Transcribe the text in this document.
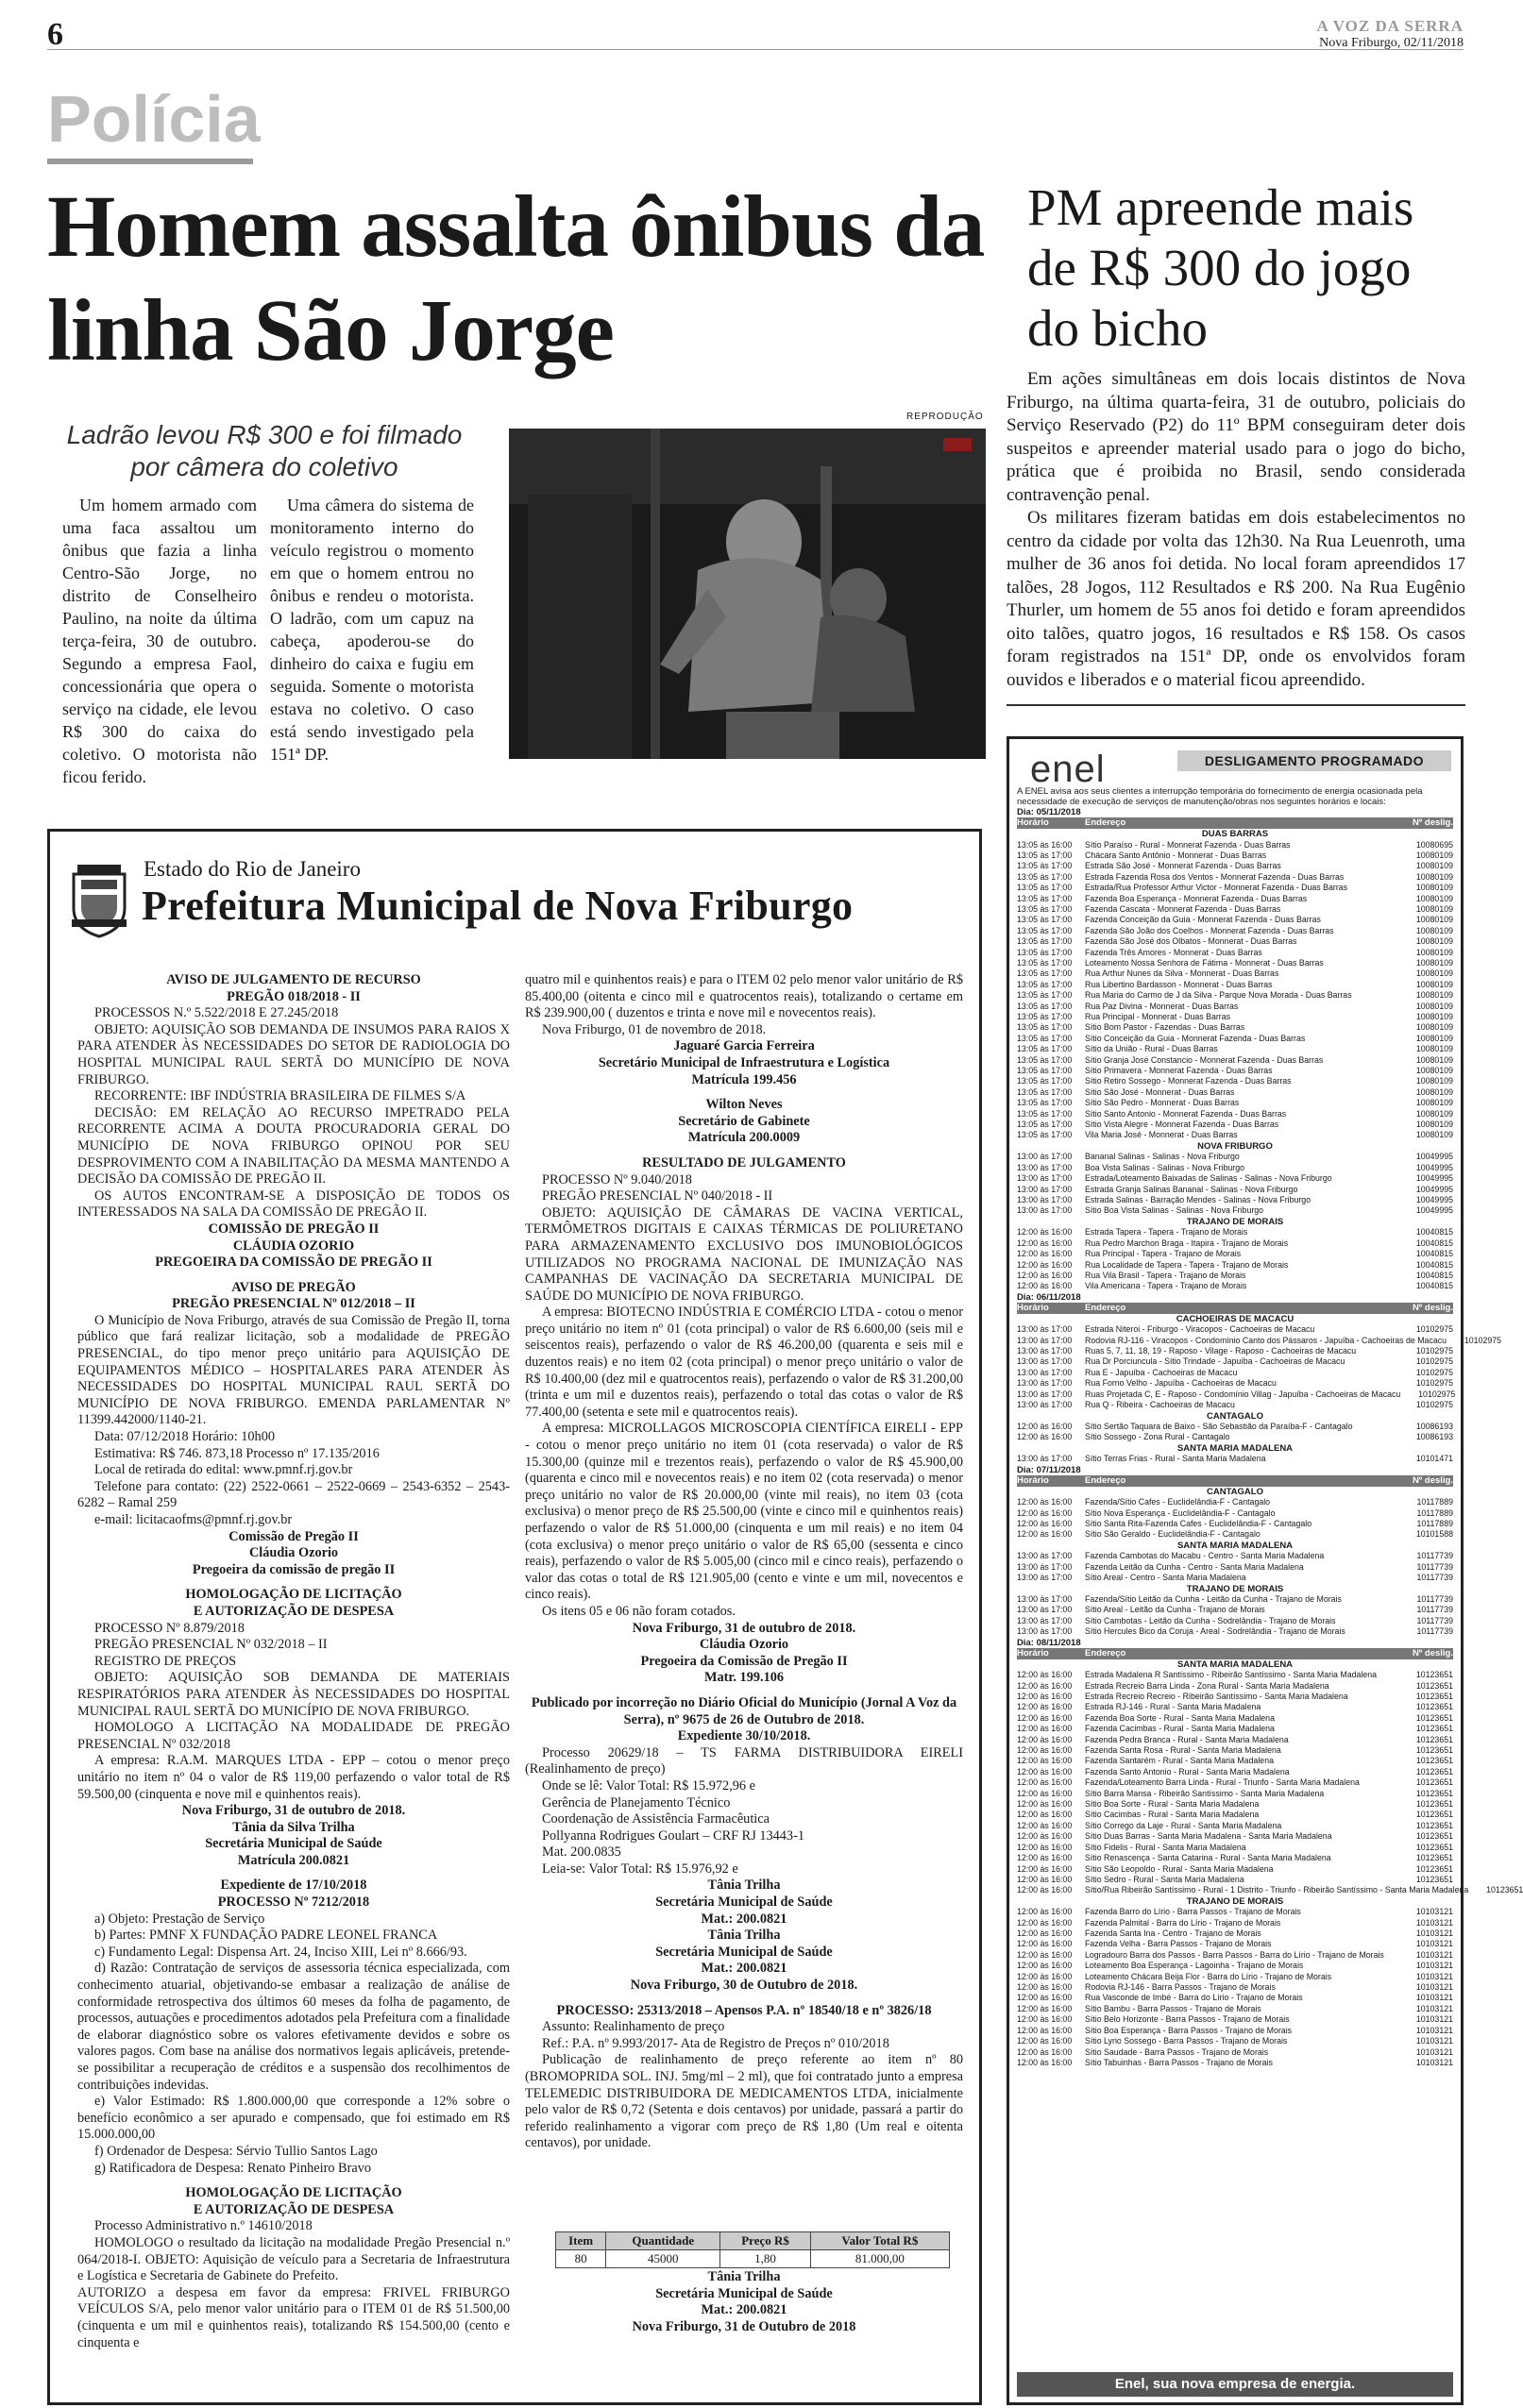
6	A VOZ DA SERRA
Nova Friburgo, 02/11/2018
Polícia
Homem assalta ônibus da linha São Jorge
Ladrão levou R$ 300 e foi filmado por câmera do coletivo
Um homem armado com uma faca assaltou um ônibus que fazia a linha Centro-São Jorge, no distrito de Conselheiro Paulino, na noite da última terça-feira, 30 de outubro. Segundo a empresa Faol, concessionária que opera o serviço na cidade, ele levou R$ 300 do caixa do coletivo. O motorista não ficou ferido.
Uma câmera do sistema de monitoramento interno do veículo registrou o momento em que o homem entrou no ônibus e rendeu o motorista. O ladrão, com um capuz na cabeça, apoderou-se do dinheiro do caixa e fugiu em seguida. Somente o motorista estava no coletivo. O caso está sendo investigado pela 151ª DP.
REPRODUÇÃO
PM apreende mais de R$ 300 do jogo do bicho

Em ações simultâneas em dois locais distintos de Nova Friburgo, na última quarta-feira, 31 de outubro, policiais do Serviço Reservado (P2) do 11º BPM conseguiram deter dois suspeitos e apreender material usado para o jogo do bicho, prática que é proibida no Brasil, sendo considerada contravenção penal.

Os militares fizeram batidas em dois estabelecimentos no centro da cidade por volta das 12h30. Na Rua Leuenroth, uma mulher de 36 anos foi detida. No local foram apreendidos 17 talões, 28 Jogos, 112 Resultados e R$ 200. Na Rua Eugênio Thurler, um homem de 55 anos foi detido e foram apreendidos oito talões, quatro jogos, 16 resultados e R$ 158. Os casos foram registrados na 151ª DP, onde os envolvidos foram ouvidos e liberados e o material ficou apreendido.

enel	DESLIGAMENTO PROGRAMADO
A ENEL avisa aos seus clientes a interrupção temporária do fornecimento de energia ocasionada pela necessidade de execução de serviços de manutenção/obras nos seguintes horários e locais:
Dia: 05/11/2018
Horário	Endereço	Nº deslig.
DUAS BARRAS
13:05 às 16:00	Sítio Paraíso - Rural - Monnerat Fazenda - Duas Barras	10080695
13:05 às 17:00	Chácara Santo Antônio - Monnerat - Duas Barras	10080109
13:05 às 17:00	Estrada São José - Monnerat Fazenda - Duas Barras	10080109
13:05 às 17:00	Estrada Fazenda Rosa dos Ventos - Monnerat Fazenda - Duas Barras	10080109
13:05 às 17:00	Estrada/Rua Professor Arthur Victor - Monnerat Fazenda - Duas Barras	10080109
13:05 às 17:00	Fazenda Boa Esperança - Monnerat Fazenda - Duas Barras	10080109
13:05 às 17:00	Fazenda Cascata - Monnerat Fazenda - Duas Barras	10080109
13:05 às 17:00	Fazenda Conceição da Guia - Monnerat Fazenda - Duas Barras	10080109
13:05 às 17:00	Fazenda São João dos Coelhos - Monnerat Fazenda - Duas Barras	10080109
13:05 às 17:00	Fazenda São José dos Olbatos - Monnerat - Duas Barras	10080109
13:05 às 17:00	Fazenda Três Amores - Monnerat - Duas Barras	10080109
13:05 às 17:00	Loteamento Nossa Senhora de Fátima - Monnerat - Duas Barras	10080109
13:05 às 17:00	Rua Arthur Nunes da Silva - Monnerat - Duas Barras	10080109
13:05 às 17:00	Rua Libertino Bardasson - Monnerat - Duas Barras	10080109
13:05 às 17:00	Rua Maria do Carmo de J da Silva - Parque Nova Morada - Duas Barras	10080109
13:05 às 17:00	Rua Paz Divina - Monnerat - Duas Barras	10080109
13:05 às 17:00	Rua Principal - Monnerat - Duas Barras	10080109
13:05 às 17:00	Sítio Bom Pastor - Fazendas - Duas Barras	10080109
13:05 às 17:00	Sítio Conceição da Guia - Monnerat Fazenda - Duas Barras	10080109
13:05 às 17:00	Sítio da União - Rural - Duas Barras	10080109
13:05 às 17:00	Sítio Granja José Constancio - Monnerat Fazenda - Duas Barras	10080109
13:05 às 17:00	Sítio Primavera - Monnerat Fazenda - Duas Barras	10080109
13:05 às 17:00	Sítio Retiro Sossego - Monnerat Fazenda - Duas Barras	10080109
13:05 às 17:00	Sítio São José - Monnerat - Duas Barras	10080109
13:05 às 17:00	Sítio São Pedro - Monnerat - Duas Barras	10080109
13:05 às 17:00	Sítio Santo Antonio - Monnerat Fazenda - Duas Barras	10080109
13:05 às 17:00	Sítio Vista Alegre - Monnerat Fazenda - Duas Barras	10080109
13:05 às 17:00	Vila Maria José - Monnerat - Duas Barras	10080109
NOVA FRIBURGO
13:00 às 17:00	Bananal Salinas - Salinas - Nova Friburgo	10049995
13:00 às 17:00	Boa Vista Salinas - Salinas - Nova Friburgo	10049995
13:00 às 17:00	Estrada/Loteamento Baixadas de Salinas - Salinas - Nova Friburgo	10049995
13:00 às 17:00	Estrada Granja Salinas Bananal - Salinas - Nova Friburgo	10049995
13:00 às 17:00	Estrada Salinas - Barração Mendes - Salinas - Nova Friburgo	10049995
13:00 às 17:00	Sítio Boa Vista Salinas - Salinas - Nova Friburgo	10049995
TRAJANO DE MORAIS
12:00 às 16:00	Estrada Tapera - Tapera - Trajano de Morais	10040815
12:00 às 16:00	Rua Pedro Marchon Braga - Itapira - Trajano de Morais	10040815
12:00 às 16:00	Rua Principal - Tapera - Trajano de Morais	10040815
12:00 às 16:00	Rua Localidade de Tapera - Tapera - Trajano de Morais	10040815
12:00 às 16:00	Rua Vila Brasil - Tapera - Trajano de Morais	10040815
12:00 às 16:00	Vila Americana - Tapera - Trajano de Morais	10040815
Dia: 06/11/2018
Horário	Endereço	Nº deslig.
CACHOEIRAS DE MACACU
13:00 às 17:00	Estrada Niteroi - Friburgo - Viracopos - Cachoeiras de Macacu	10102975
13:00 às 17:00	Rodovia RJ-116 - Viracopos - Condomínio Canto dos Pássaros - Japuíba - Cachoeiras de Macacu	10102975
13:00 às 17:00	Ruas 5, 7, 11, 18, 19 - Raposo - Vilage - Raposo - Cachoeiras de Macacu	10102975
13:00 às 17:00	Rua Dr Porciuncula - Sítio Trindade - Japuíba - Cachoeiras de Macacu	10102975
13:00 às 17:00	Rua E - Japuíba - Cachoeiras de Macacu	10102975
13:00 às 17:00	Rua Forno Velho - Japuíba - Cachoeiras de Macacu	10102975
13:00 às 17:00	Ruas Projetada C, E - Raposo - Condomínio Villag - Japuíba - Cachoeiras de Macacu	10102975
13:00 às 17:00	Rua Q - Ribeira - Cachoeiras de Macacu	10102975
CANTAGALO
12:00 às 16:00	Sítio Sertão Taquara de Baixo - São Sebastião da Paraíba-F - Cantagalo	10086193
12:00 às 16:00	Sítio Sossego - Zona Rural - Cantagalo	10086193
SANTA MARIA MADALENA
13:00 às 17:00	Sítio Terras Frias - Rural - Santa Maria Madalena	10101471
Dia: 07/11/2018
Horário	Endereço	Nº deslig.
CANTAGALO
12:00 às 16:00	Fazenda/Sítio Cafes - Euclidelândia-F - Cantagalo	10117889
12:00 às 16:00	Sítio Nova Esperança - Euclidelândia-F - Cantagalo	10117889
12:00 às 16:00	Sítio Santa Rita-Fazenda Cafes - Euclidelândia-F - Cantagalo	10117889
12:00 às 16:00	Sítio São Geraldo - Euclidelândia-F - Cantagalo	10101588
SANTA MARIA MADALENA
13:00 às 17:00	Fazenda Cambotas do Macabu - Centro - Santa Maria Madalena	10117739
13:00 às 17:00	Fazenda Leitão da Cunha - Centro - Santa Maria Madalena	10117739
13:00 às 17:00	Sítio Areal - Centro - Santa Maria Madalena	10117739
TRAJANO DE MORAIS
13:00 às 17:00	Fazenda/Sítio Leitão da Cunha - Leitão da Cunha - Trajano de Morais	10117739
13:00 às 17:00	Sítio Areal - Leitão da Cunha - Trajano de Morais	10117739
13:00 às 17:00	Sítio Cambotas - Leitão da Cunha - Sodrelândia - Trajano de Morais	10117739
13:00 às 17:00	Sítio Hercules Bico da Coruja - Areal - Sodrelândia - Trajano de Morais	10117739
Dia: 08/11/2018
Horário	Endereço	Nº deslig.
SANTA MARIA MADALENA
12:00 às 16:00	Estrada Madalena R Santíssimo - Ribeirão Santíssimo - Santa Maria Madalena	10123651
12:00 às 16:00	Estrada Recreio Barra Linda - Zona Rural - Santa Maria Madalena	10123651
12:00 às 16:00	Estrada Recreio Recreio - Ribeirão Santíssimo - Santa Maria Madalena	10123651
12:00 às 16:00	Estrada RJ-146 - Rural - Santa Maria Madalena	10123651
12:00 às 16:00	Fazenda Boa Sorte - Rural - Santa Maria Madalena	10123651
12:00 às 16:00	Fazenda Cacimbas - Rural - Santa Maria Madalena	10123651
12:00 às 16:00	Fazenda Pedra Branca - Rural - Santa Maria Madalena	10123651
12:00 às 16:00	Fazenda Santa Rosa - Rural - Santa Maria Madalena	10123651
12:00 às 16:00	Fazenda Santarém - Rural - Santa Maria Madalena	10123651
12:00 às 16:00	Fazenda Santo Antonio - Rural - Santa Maria Madalena	10123651
12:00 às 16:00	Fazenda/Loteamento Barra Linda - Rural - Triunfo - Santa Maria Madalena	10123651
12:00 às 16:00	Sítio Barra Mansa - Ribeirão Santíssimo - Santa Maria Madalena	10123651
12:00 às 16:00	Sítio Boa Sorte - Rural - Santa Maria Madalena	10123651
12:00 às 16:00	Sítio Cacimbas - Rural - Santa Maria Madalena	10123651
12:00 às 16:00	Sítio Corrego da Laje - Rural - Santa Maria Madalena	10123651
12:00 às 16:00	Sítio Duas Barras - Santa Maria Madalena - Santa Maria Madalena	10123651
12:00 às 16:00	Sítio Fidelis - Rural - Santa Maria Madalena	10123651
12:00 às 16:00	Sítio Renascença - Santa Catarina - Rural - Santa Maria Madalena	10123651
12:00 às 16:00	Sítio São Leopoldo - Rural - Santa Maria Madalena	10123651
12:00 às 16:00	Sítio Sedro - Rural - Santa Maria Madalena	10123651
12:00 às 16:00	Sítio/Rua Ribeirão Santíssimo - Rural - 1 Distrito - Triunfo - Ribeirão Santíssimo - Santa Maria Madalena	10123651
TRAJANO DE MORAIS
12:00 às 16:00	Fazenda Barro do Lírio - Barra Passos - Trajano de Morais	10103121
12:00 às 16:00	Fazenda Palmital - Barra do Lírio - Trajano de Morais	10103121
12:00 às 16:00	Fazenda Santa Ina - Centro - Trajano de Morais	10103121
12:00 às 16:00	Fazenda Velha - Barra Passos - Trajano de Morais	10103121
12:00 às 16:00	Logradouro Barra dos Passos - Barra Passos - Barra do Lírio - Trajano de Morais	10103121
12:00 às 16:00	Loteamento Boa Esperança - Lagoinha - Trajano de Morais	10103121
12:00 às 16:00	Loteamento Chácara Beija Flor - Barra do Lírio - Trajano de Morais	10103121
12:00 às 16:00	Rodovia RJ-146 - Barra Passos - Trajano de Morais	10103121
12:00 às 16:00	Rua Vasconde de Imbé - Barra do Lírio - Trajano de Morais	10103121
12:00 às 16:00	Sítio Bambu - Barra Passos - Trajano de Morais	10103121
12:00 às 16:00	Sítio Belo Horizonte - Barra Passos - Trajano de Morais	10103121
12:00 às 16:00	Sítio Boa Esperança - Barra Passos - Trajano de Morais	10103121
12:00 às 16:00	Sítio Lyrio Sossego - Barra Passos - Trajano de Morais	10103121
12:00 às 16:00	Sítio Saudade - Barra Passos - Trajano de Morais	10103121
12:00 às 16:00	Sítio Tabuinhas - Barra Passos - Trajano de Morais	10103121
Enel, sua nova empresa de energia.
Estado do Rio de Janeiro
Prefeitura Municipal de Nova Friburgo
AVISO DE JULGAMENTO DE RECURSO
PREGÃO 018/2018 - II
PROCESSOS N.º 5.522/2018 E 27.245/2018
OBJETO: AQUISIÇÃO SOB DEMANDA DE INSUMOS PARA RAIOS X PARA ATENDER ÀS NECESSIDADES DO SETOR DE RADIOLOGIA DO HOSPITAL MUNICIPAL RAUL SERTÃ DO MUNICÍPIO DE NOVA FRIBURGO.
RECORRENTE: IBF INDÚSTRIA BRASILEIRA DE FILMES S/A
DECISÃO: EM RELAÇÃO AO RECURSO IMPETRADO PELA RECORRENTE ACIMA A DOUTA PROCURADORIA GERAL DO MUNICÍPIO DE NOVA FRIBURGO OPINOU POR SEU DESPROVIMENTO COM A INABILITAÇÃO DA MESMA MANTENDO A DECISÃO DA COMISSÃO DE PREGÃO II.
OS AUTOS ENCONTRAM-SE A DISPOSIÇÃO DE TODOS OS INTERESSADOS NA SALA DA COMISSÃO DE PREGÃO II.
COMISSÃO DE PREGÃO II
CLÁUDIA OZORIO
PREGOEIRA DA COMISSÃO DE PREGÃO II
AVISO DE PREGÃO
PREGÃO PRESENCIAL Nº 012/2018 – II
O Município de Nova Friburgo, através de sua Comissão de Pregão II, torna público que fará realizar licitação, sob a modalidade de PREGÃO PRESENCIAL, do tipo menor preço unitário para AQUISIÇÃO DE EQUIPAMENTOS MÉDICO – HOSPITALARES PARA ATENDER ÀS NECESSIDADES DO HOSPITAL MUNICIPAL RAUL SERTÃ DO MUNICÍPIO DE NOVA FRIBURGO. EMENDA PARLAMENTAR Nº 11399.442000/1140-21.
Data: 07/12/2018 Horário: 10h00
Estimativa: R$ 746. 873,18 Processo nº 17.135/2016
Local de retirada do edital: www.pmnf.rj.gov.br
Telefone para contato: (22) 2522-0661 – 2522-0669 – 2543-6352 – 2543-6282 – Ramal 259
e-mail: licitacaofms@pmnf.rj.gov.br
Comissão de Pregão II
Cláudia Ozorio
Pregoeira da comissão de pregão II
HOMOLOGAÇÃO DE LICITAÇÃO
E AUTORIZAÇÃO DE DESPESA
PROCESSO Nº 8.879/2018
PREGÃO PRESENCIAL Nº 032/2018 – II
REGISTRO DE PREÇOS
OBJETO: AQUISIÇÃO SOB DEMANDA DE MATERIAIS RESPIRATÓRIOS PARA ATENDER ÀS NECESSIDADES DO HOSPITAL MUNICIPAL RAUL SERTÃ DO MUNICÍPIO DE NOVA FRIBURGO.
HOMOLOGO A LICITAÇÃO NA MODALIDADE DE PREGÃO PRESENCIAL Nº 032/2018
A empresa: R.A.M. MARQUES LTDA - EPP – cotou o menor preço unitário no item nº 04 o valor de R$ 119,00 perfazendo o valor total de R$ 59.500,00 (cinquenta e nove mil e quinhentos reais).
Nova Friburgo, 31 de outubro de 2018.
Tânia da Silva Trilha
Secretária Municipal de Saúde
Matrícula 200.0821
Expediente de 17/10/2018
PROCESSO Nº 7212/2018
a) Objeto: Prestação de Serviço
b) Partes: PMNF X FUNDAÇÃO PADRE LEONEL FRANCA
c) Fundamento Legal: Dispensa Art. 24, Inciso XIII, Lei nº 8.666/93.
d) Razão: Contratação de serviços de assessoria técnica especializada, com conhecimento atuarial, objetivando-se embasar a realização de análise de conformidade retrospectiva dos últimos 60 meses da folha de pagamento, de processos, autuações e procedimentos adotados pela Prefeitura com a finalidade de elaborar diagnóstico sobre os valores efetivamente devidos e sobre os valores pagos. Com base na análise dos normativos legais aplicáveis, pretende-se possibilitar a recuperação de créditos e a suspensão dos recolhimentos de contribuições indevidas.
e) Valor Estimado: R$ 1.800.000,00 que corresponde a 12% sobre o benefício econômico a ser apurado e compensado, que foi estimado em R$ 15.000.000,00
f) Ordenador de Despesa: Sérvio Tullio Santos Lago
g) Ratificadora de Despesa: Renato Pinheiro Bravo
HOMOLOGAÇÃO DE LICITAÇÃO
E AUTORIZAÇÃO DE DESPESA
Processo Administrativo n.º 14610/2018
HOMOLOGO o resultado da licitação na modalidade Pregão Presencial n.º 064/2018-I. OBJETO: Aquisição de veículo para a Secretaria de Infraestrutura e Logística e Secretaria de Gabinete do Prefeito.
AUTORIZO a despesa em favor da empresa: FRIVEL FRIBURGO VEÍCULOS S/A, pelo menor valor unitário para o ITEM 01 de R$ 51.500,00 (cinquenta e um mil e quinhentos reais), totalizando R$ 154.500,00 (cento e cinquenta e
quatro mil e quinhentos reais) e para o ITEM 02 pelo menor valor unitário de R$ 85.400,00 (oitenta e cinco mil e quatrocentos reais), totalizando o certame em R$ 239.900,00 ( duzentos e trinta e nove mil e novecentos reais).
Nova Friburgo, 01 de novembro de 2018.
Jaguaré Garcia Ferreira
Secretário Municipal de Infraestrutura e Logística
Matrícula 199.456
Wilton Neves
Secretário de Gabinete
Matrícula 200.0009
RESULTADO DE JULGAMENTO
PROCESSO Nº 9.040/2018
PREGÃO PRESENCIAL Nº 040/2018 - II
OBJETO: AQUISIÇÃO DE CÂMARAS DE VACINA VERTICAL, TERMÔMETROS DIGITAIS E CAIXAS TÉRMICAS DE POLIURETANO PARA ARMAZENAMENTO EXCLUSIVO DOS IMUNOBIOLÓGICOS UTILIZADOS NO PROGRAMA NACIONAL DE IMUNIZAÇÃO NAS CAMPANHAS DE VACINAÇÃO DA SECRETARIA MUNICIPAL DE SAÚDE DO MUNICÍPIO DE NOVA FRIBURGO.
A empresa: BIOTECNO INDÚSTRIA E COMÉRCIO LTDA - cotou o menor preço unitário no item nº 01 (cota principal) o valor de R$ 6.600,00 (seis mil e seiscentos reais), perfazendo o valor de R$ 46.200,00 (quarenta e seis mil e duzentos reais) e no item 02 (cota principal) o menor preço unitário o valor de R$ 10.400,00 (dez mil e quatrocentos reais), perfazendo o valor de R$ 31.200,00 (trinta e um mil e duzentos reais), perfazendo o total das cotas o valor de R$ 77.400,00 (setenta e sete mil e quatrocentos reais).
A empresa: MICROLLAGOS MICROSCOPIA CIENTÍFICA EIRELI - EPP - cotou o menor preço unitário no item 01 (cota reservada) o valor de R$ 15.300,00 (quinze mil e trezentos reais), perfazendo o valor de R$ 45.900,00 (quarenta e cinco mil e novecentos reais) e no item 02 (cota reservada) o menor preço unitário no valor de R$ 20.000,00 (vinte mil reais), no item 03 (cota exclusiva) o menor preço de R$ 25.500,00 (vinte e cinco mil e quinhentos reais) perfazendo o valor de R$ 51.000,00 (cinquenta e um mil reais) e no item 04 (cota exclusiva) o menor preço unitário o valor de R$ 65,00 (sessenta e cinco reais), perfazendo o valor de R$ 5.005,00 (cinco mil e cinco reais), perfazendo o valor das cotas o total de R$ 121.905,00 (cento e vinte e um mil, novecentos e cinco reais).
Os itens 05 e 06 não foram cotados.
Nova Friburgo, 31 de outubro de 2018.
Cláudia Ozorio
Pregoeira da Comissão de Pregão II
Matr. 199.106
Publicado por incorreção no Diário Oficial do Município (Jornal A Voz da Serra), nº 9675 de 26 de Outubro de 2018.
Expediente 30/10/2018.
Processo 20629/18 – TS FARMA DISTRIBUIDORA EIRELI (Realinhamento de preço)
Onde se lê: Valor Total: R$ 15.972,96 e
Gerência de Planejamento Técnico
Coordenação de Assistência Farmacêutica
Pollyanna Rodrigues Goulart – CRF RJ 13443-1
Mat. 200.0835
Leia-se: Valor Total: R$ 15.976,92 e
Tânia Trilha
Secretária Municipal de Saúde
Mat.: 200.0821
Tânia Trilha
Secretária Municipal de Saúde
Mat.: 200.0821
Nova Friburgo, 30 de Outubro de 2018.
PROCESSO: 25313/2018 – Apensos P.A. nº 18540/18 e nº 3826/18
Assunto: Realinhamento de preço
Ref.: P.A. nº 9.993/2017- Ata de Registro de Preços nº 010/2018
Publicação de realinhamento de preço referente ao item nº 80 (BROMOPRIDA SOL. INJ. 5mg/ml – 2 ml), que foi contratado junto a empresa TELEMEDIC DISTRIBUIDORA DE MEDICAMENTOS LTDA, inicialmente pelo valor de R$ 0,72 (Setenta e dois centavos) por unidade, passará a partir do referido realinhamento a vigorar com preço de R$ 1,80 (Um real e oitenta centavos), por unidade.
Item	Quantidade	Preço R$	Valor Total R$
80	45000	1,80	81.000,00
Tânia Trilha
Secretária Municipal de Saúde
Mat.: 200.0821
Nova Friburgo, 31 de Outubro de 2018
